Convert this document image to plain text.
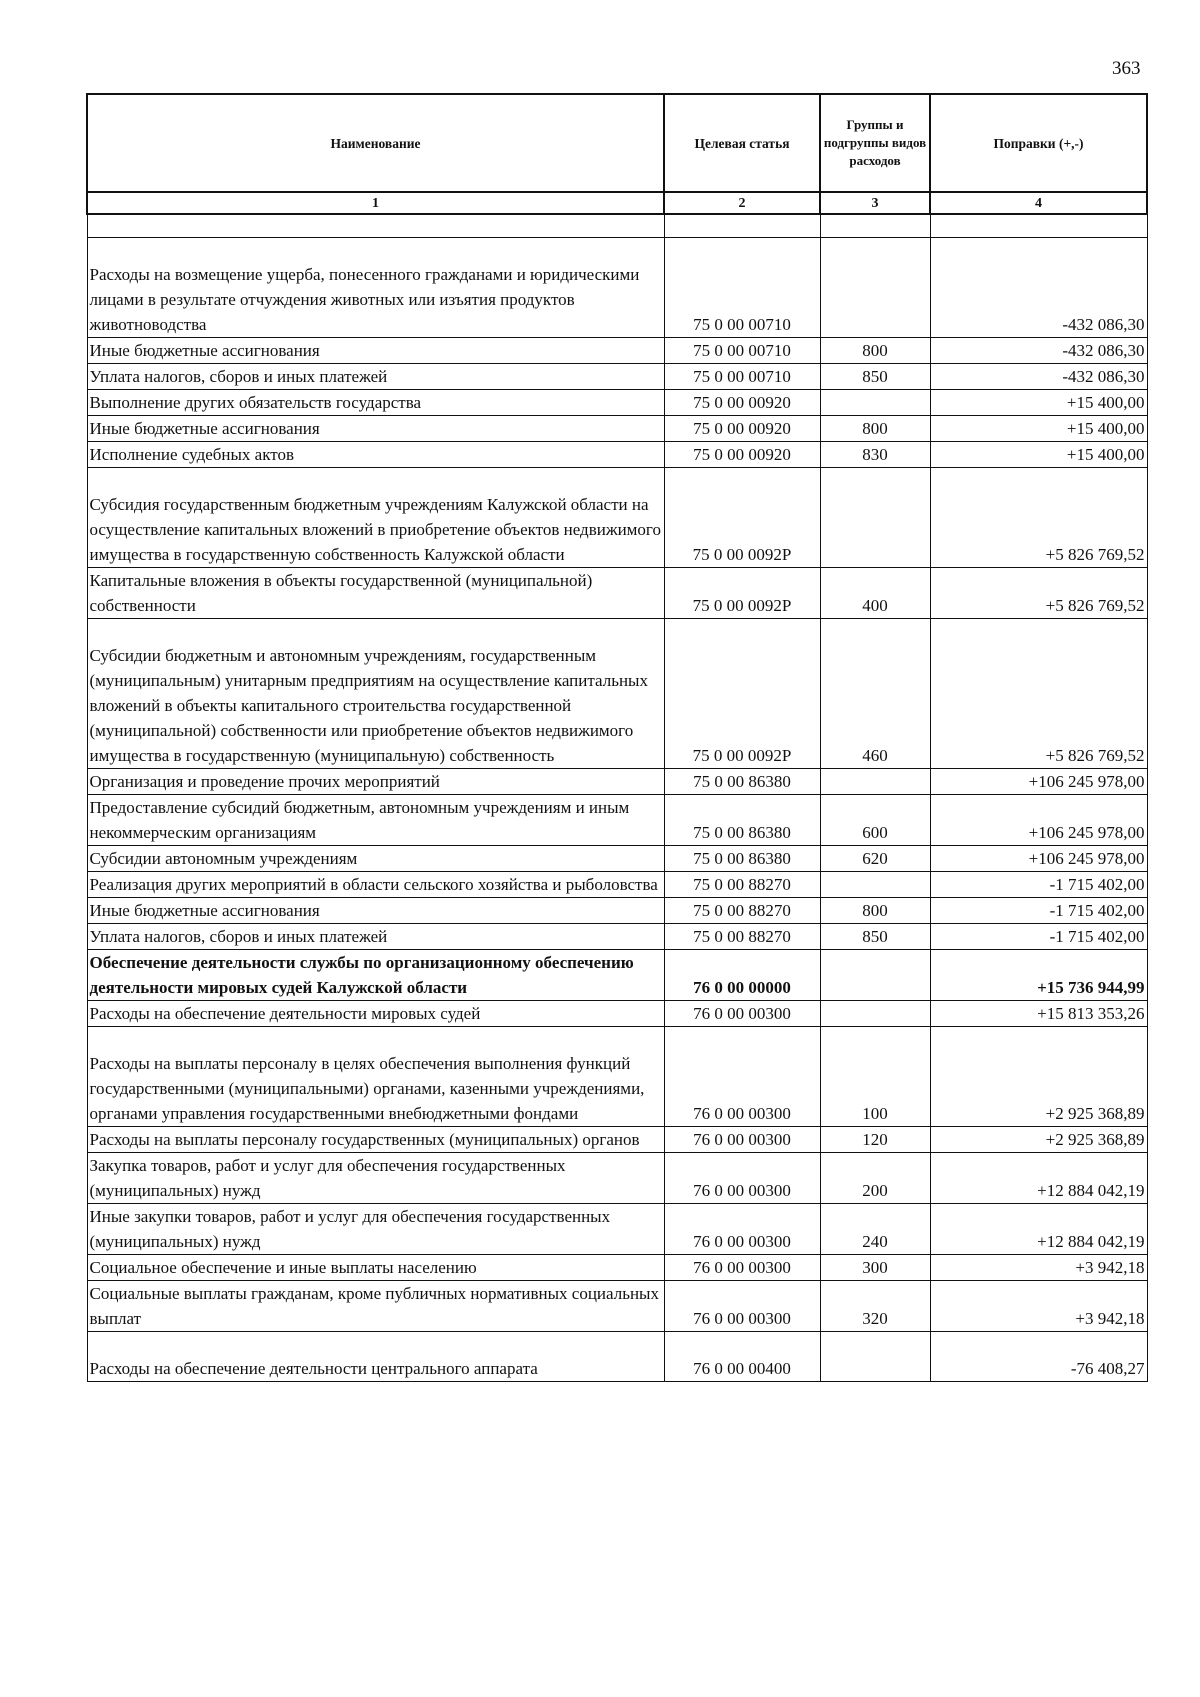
363
Наименование	Целевая статья	Группы и подгруппы видов расходов	Поправки (+,-)
1	2	3	4

Расходы на возмещение ущерба, понесенного гражданами и юридическими лицами в результате отчуждения животных или изъятия продуктов животноводства	75 0 00 00710		-432 086,30
Иные бюджетные ассигнования	75 0 00 00710	800	-432 086,30
Уплата налогов, сборов и иных платежей	75 0 00 00710	850	-432 086,30
Выполнение других обязательств государства	75 0 00 00920		+15 400,00
Иные бюджетные ассигнования	75 0 00 00920	800	+15 400,00
Исполнение судебных актов	75 0 00 00920	830	+15 400,00
Субсидия государственным бюджетным учреждениям Калужской области на осуществление капитальных вложений в приобретение объектов недвижимого имущества в государственную собственность Калужской области	75 0 00 0092P		+5 826 769,52
Капитальные вложения в объекты государственной (муниципальной) собственности	75 0 00 0092P	400	+5 826 769,52
Субсидии бюджетным и автономным учреждениям, государственным (муниципальным) унитарным предприятиям на осуществление капитальных вложений в объекты капитального строительства государственной (муниципальной) собственности или приобретение объектов недвижимого имущества в государственную (муниципальную) собственность	75 0 00 0092P	460	+5 826 769,52
Организация и проведение прочих мероприятий	75 0 00 86380		+106 245 978,00
Предоставление субсидий бюджетным, автономным учреждениям и иным некоммерческим организациям	75 0 00 86380	600	+106 245 978,00
Субсидии автономным учреждениям	75 0 00 86380	620	+106 245 978,00
Реализация других мероприятий в области сельского хозяйства и рыболовства	75 0 00 88270		-1 715 402,00
Иные бюджетные ассигнования	75 0 00 88270	800	-1 715 402,00
Уплата налогов, сборов и иных платежей	75 0 00 88270	850	-1 715 402,00
Обеспечение деятельности службы по организационному обеспечению деятельности мировых судей Калужской области	76 0 00 00000		+15 736 944,99
Расходы на обеспечение деятельности мировых судей	76 0 00 00300		+15 813 353,26
Расходы на выплаты персоналу в целях обеспечения выполнения функций государственными (муниципальными) органами, казенными учреждениями, органами управления государственными внебюджетными фондами	76 0 00 00300	100	+2 925 368,89
Расходы на выплаты персоналу государственных (муниципальных) органов	76 0 00 00300	120	+2 925 368,89
Закупка товаров, работ и услуг для обеспечения государственных (муниципальных) нужд	76 0 00 00300	200	+12 884 042,19
Иные закупки товаров, работ и услуг для обеспечения государственных (муниципальных) нужд	76 0 00 00300	240	+12 884 042,19
Социальное обеспечение и иные выплаты населению	76 0 00 00300	300	+3 942,18
Социальные выплаты гражданам, кроме публичных нормативных социальных выплат	76 0 00 00300	320	+3 942,18
Расходы на обеспечение деятельности центрального аппарата	76 0 00 00400		-76 408,27
